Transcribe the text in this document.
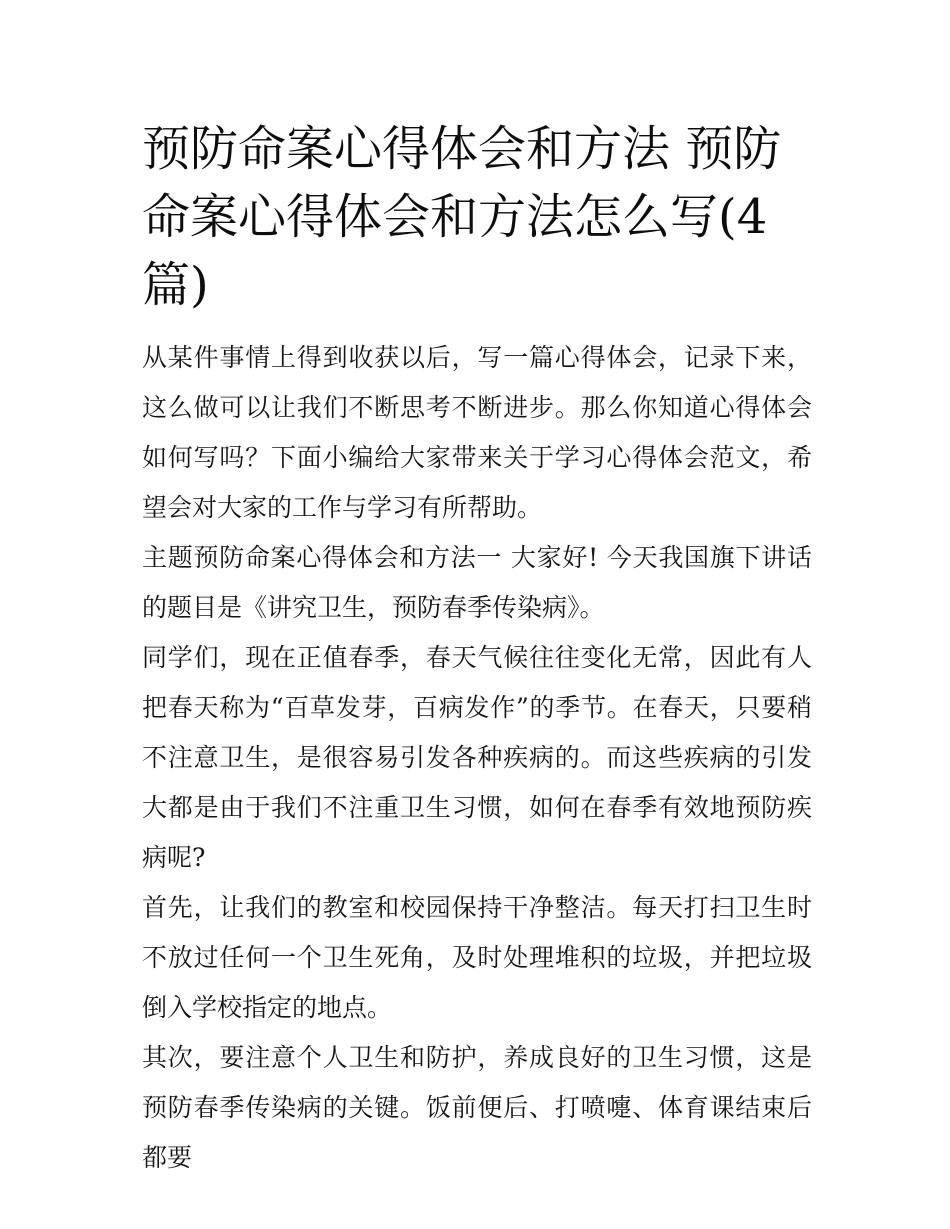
预防命案心得体会和方法 预防命案心得体会和方法怎么写(4篇)

从某件事情上得到收获以后，写一篇心得体会，记录下来，这么做可以让我们不断思考不断进步。那么你知道心得体会如何写吗？下面小编给大家带来关于学习心得体会范文，希望会对大家的工作与学习有所帮助。

主题预防命案心得体会和方法一 大家好! 今天我国旗下讲话的题目是《讲究卫生，预防春季传染病》。

同学们，现在正值春季，春天气候往往变化无常，因此有人把春天称为“百草发芽，百病发作”的季节。在春天，只要稍不注意卫生，是很容易引发各种疾病的。而这些疾病的引发大都是由于我们不注重卫生习惯，如何在春季有效地预防疾病呢?

首先，让我们的教室和校园保持干净整洁。每天打扫卫生时不放过任何一个卫生死角，及时处理堆积的垃圾，并把垃圾倒入学校指定的地点。

其次，要注意个人卫生和防护，养成良好的卫生习惯，这是预防春季传染病的关键。饭前便后、打喷嚏、体育课结束后都要
